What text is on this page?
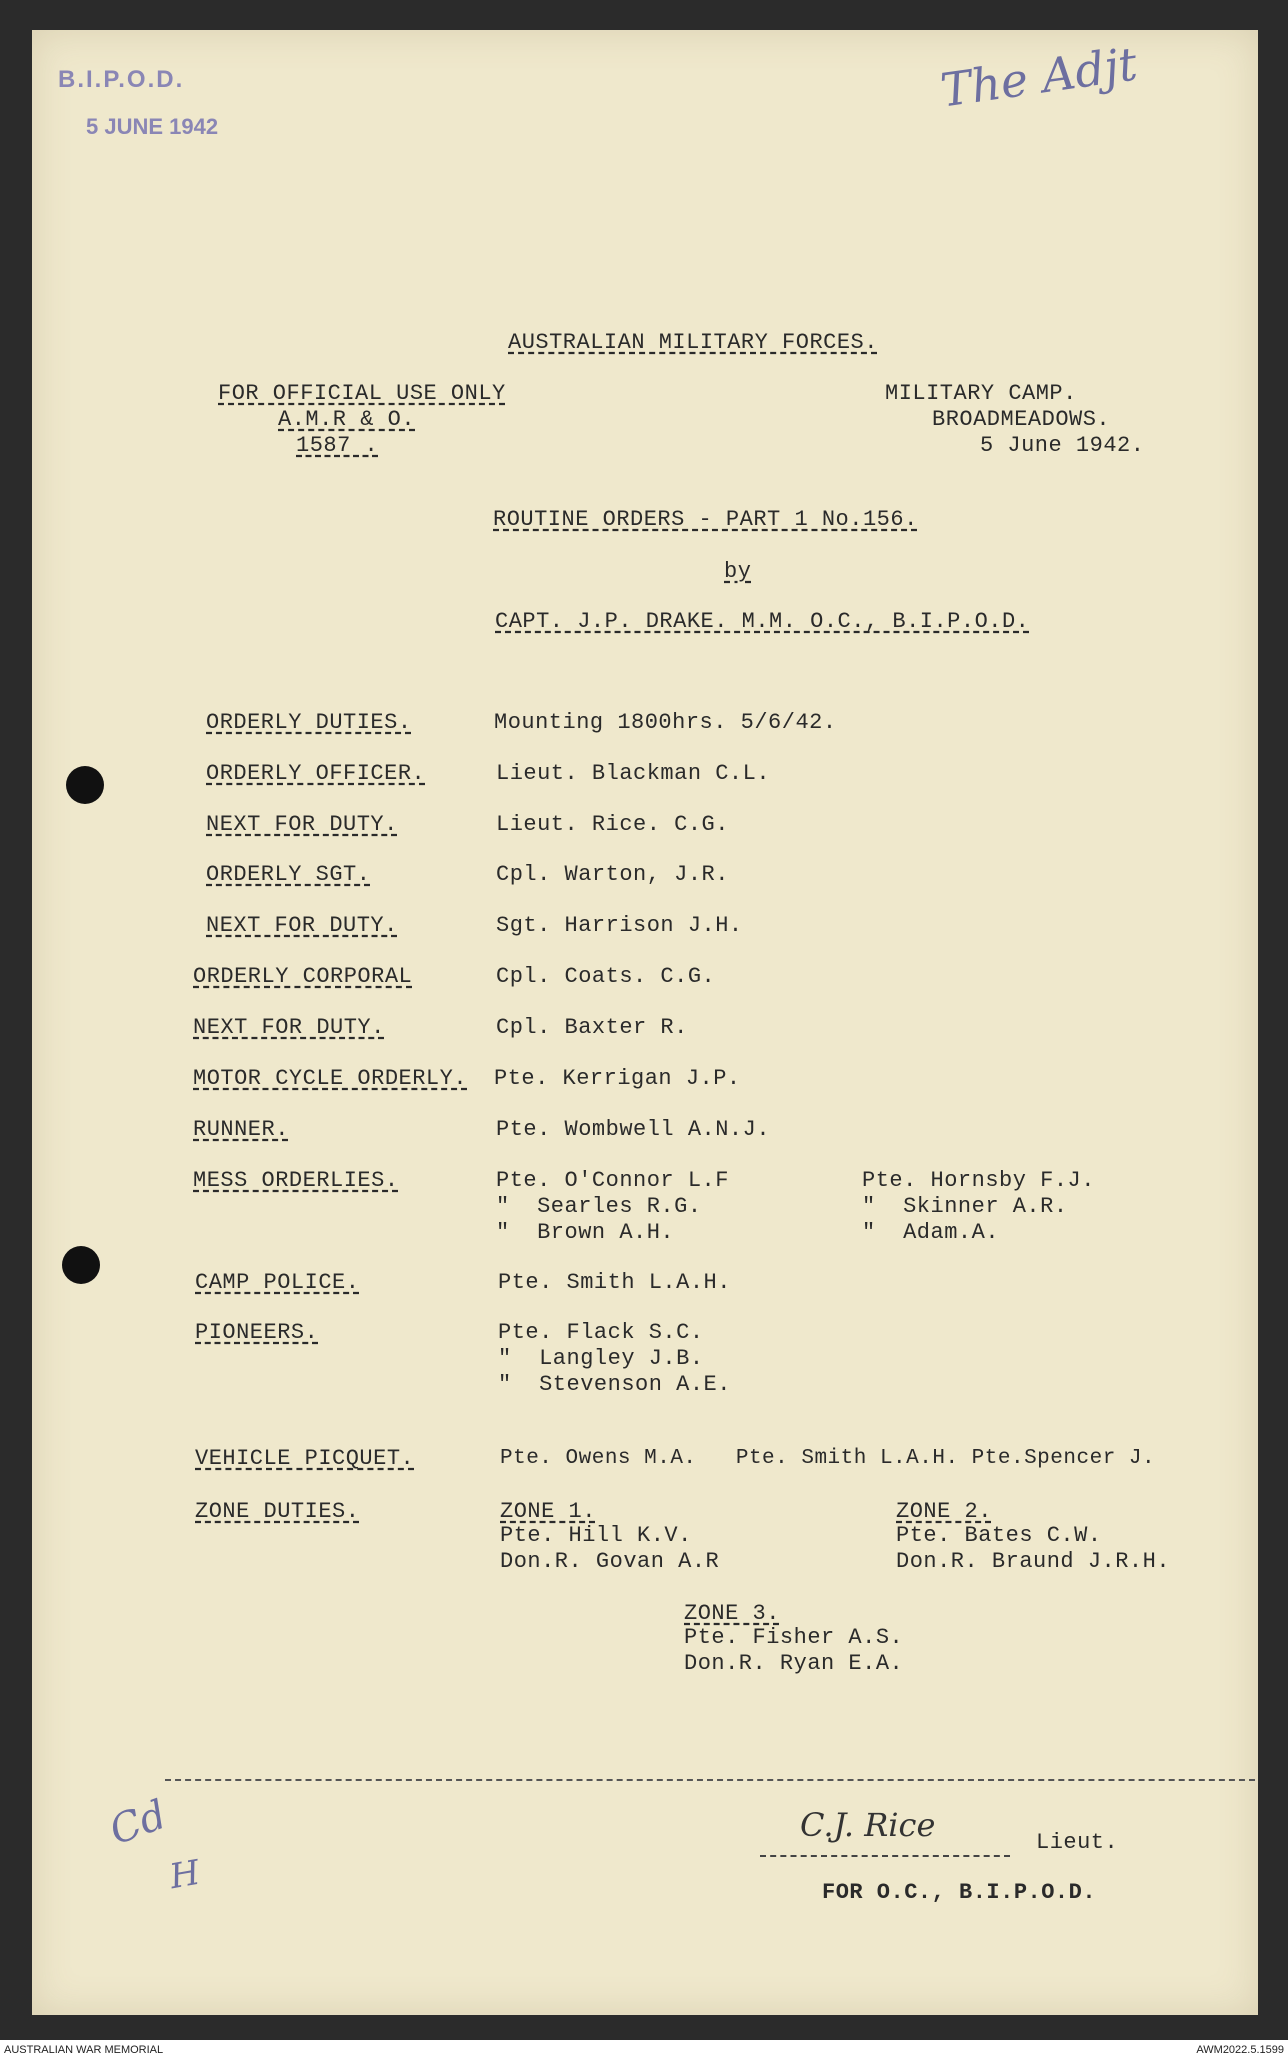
B.I.P.O.D.
5 JUNE 1942
The Adjt
AUSTRALIAN MILITARY FORCES.
FOR OFFICIAL USE ONLY
A.M.R & O.
1587 .
MILITARY CAMP.
BROADMEADOWS.
5 June 1942.
ROUTINE ORDERS - PART 1 No.156.
by
CAPT. J.P. DRAKE. M.M. O.C., B.I.P.O.D.
ORDERLY DUTIES.	Mounting 1800hrs. 5/6/42.
ORDERLY OFFICER.	Lieut. Blackman C.L.
NEXT FOR DUTY.	Lieut. Rice. C.G.
ORDERLY SGT.	Cpl. Warton, J.R.
NEXT FOR DUTY.	Sgt. Harrison J.H.
ORDERLY CORPORAL	Cpl. Coats. C.G.
NEXT FOR DUTY.	Cpl. Baxter R.
MOTOR CYCLE ORDERLY. Pte. Kerrigan J.P.
RUNNER.	Pte. Wombwell A.N.J.
MESS ORDERLIES.	Pte. O'Connor L.F
"  Searles R.G.
"  Brown A.H.
Pte. Hornsby F.J.
"  Skinner A.R.
"  Adam.A.
CAMP POLICE.	Pte. Smith L.A.H.
PIONEERS.	Pte. Flack S.C.
"  Langley J.B.
"  Stevenson A.E.
VEHICLE PICQUET.	Pte. Owens M.A.   Pte. Smith L.A.H. Pte.Spencer J.
ZONE DUTIES.	ZONE 1.
Pte. Hill K.V.
Don.R. Govan A.R
ZONE 2.
Pte. Bates C.W.
Don.R. Braund J.R.H.
ZONE 3.
Pte. Fisher A.S.
Don.R. Ryan E.A.
C.J. Rice	Lieut.
FOR O.C., B.I.P.O.D.
Cd
H
AUSTRALIAN WAR MEMORIAL	AWM2022.5.1599
